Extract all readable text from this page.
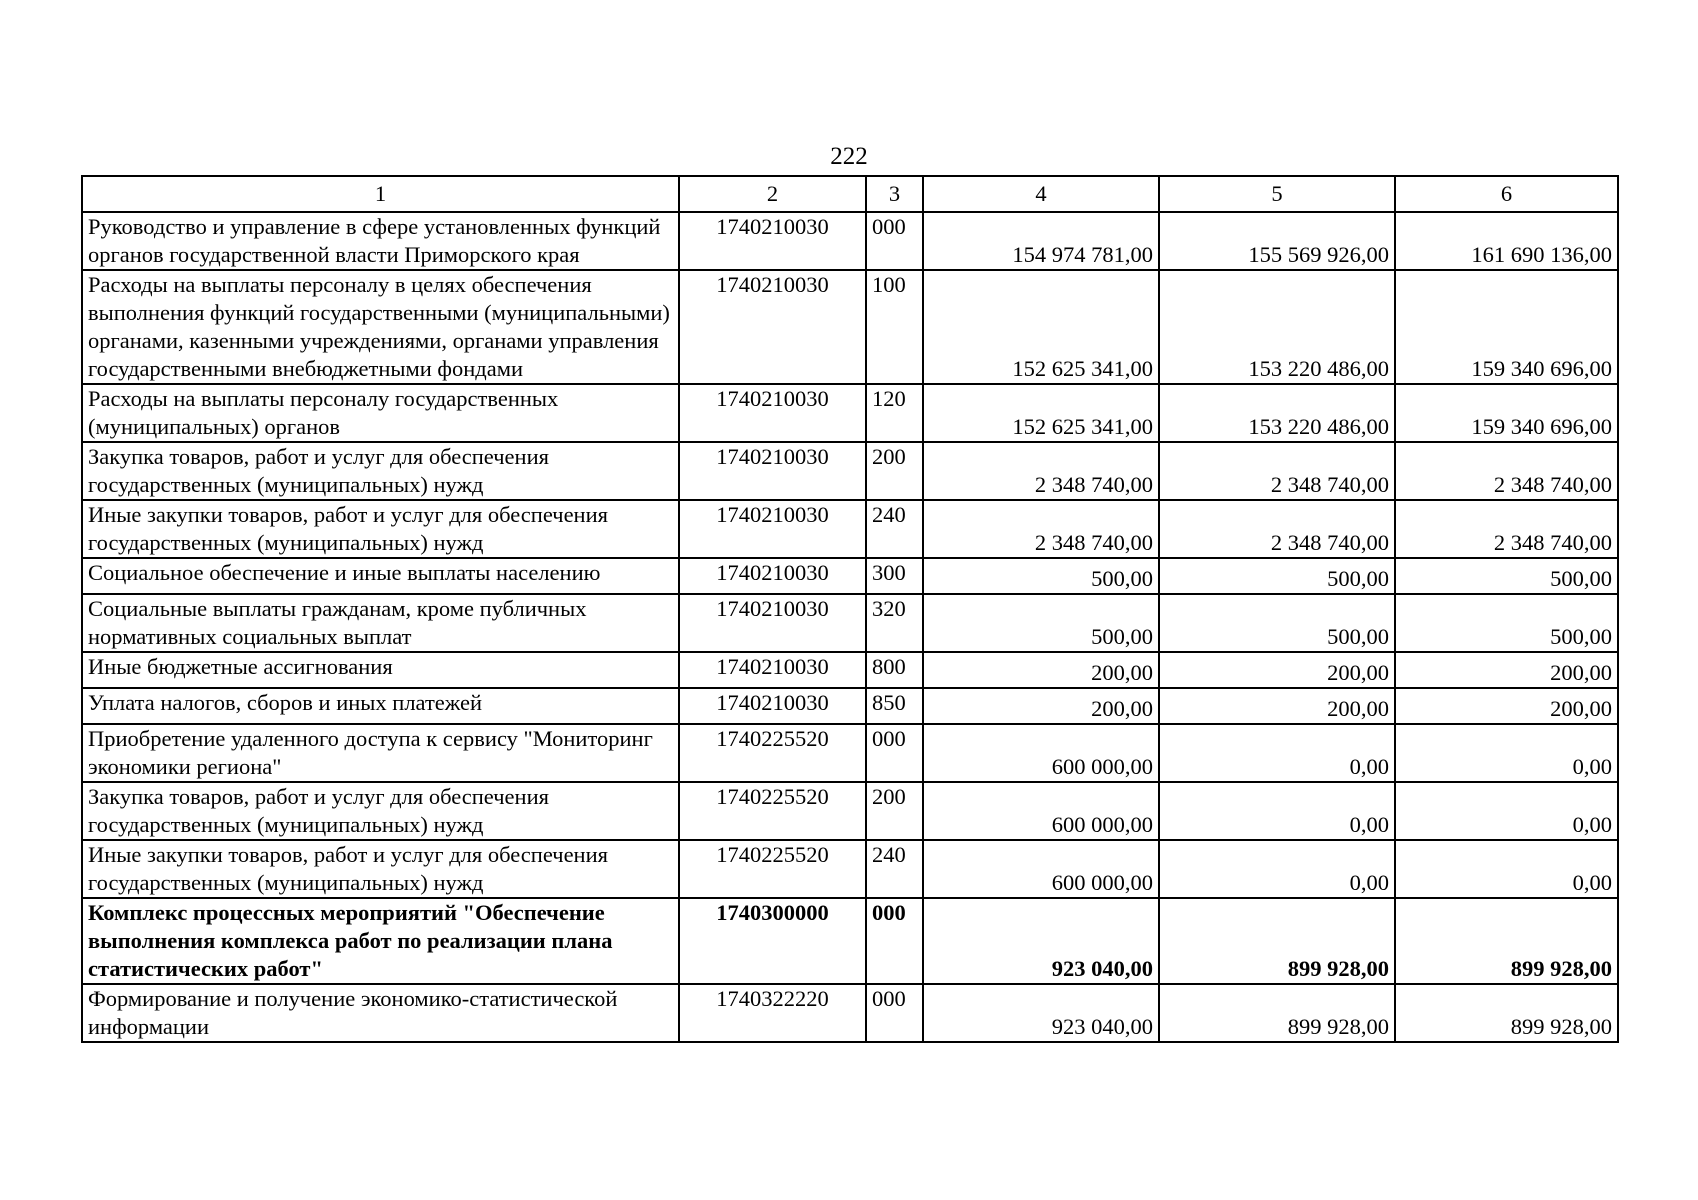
222
1	2	3	4	5	6
Руководство и управление в сфере установленных функций органов государственной власти Приморского края	1740210030	000	154 974 781,00	155 569 926,00	161 690 136,00
Расходы на выплаты персоналу в целях обеспечения выполнения функций государственными (муниципальными) органами, казенными учреждениями, органами управления государственными внебюджетными фондами	1740210030	100	152 625 341,00	153 220 486,00	159 340 696,00
Расходы на выплаты персоналу государственных (муниципальных) органов	1740210030	120	152 625 341,00	153 220 486,00	159 340 696,00
Закупка товаров, работ и услуг для обеспечения государственных (муниципальных) нужд	1740210030	200	2 348 740,00	2 348 740,00	2 348 740,00
Иные закупки товаров, работ и услуг для обеспечения государственных (муниципальных) нужд	1740210030	240	2 348 740,00	2 348 740,00	2 348 740,00
Социальное обеспечение и иные выплаты населению	1740210030	300	500,00	500,00	500,00
Социальные выплаты гражданам, кроме публичных нормативных социальных выплат	1740210030	320	500,00	500,00	500,00
Иные бюджетные ассигнования	1740210030	800	200,00	200,00	200,00
Уплата налогов, сборов и иных платежей	1740210030	850	200,00	200,00	200,00
Приобретение удаленного доступа к сервису "Мониторинг экономики региона"	1740225520	000	600 000,00	0,00	0,00
Закупка товаров, работ и услуг для обеспечения государственных (муниципальных) нужд	1740225520	200	600 000,00	0,00	0,00
Иные закупки товаров, работ и услуг для обеспечения государственных (муниципальных) нужд	1740225520	240	600 000,00	0,00	0,00
Комплекс процессных мероприятий "Обеспечение выполнения комплекса работ по реализации плана статистических работ"	1740300000	000	923 040,00	899 928,00	899 928,00
Формирование и получение экономико-статистической информации	1740322220	000	923 040,00	899 928,00	899 928,00
